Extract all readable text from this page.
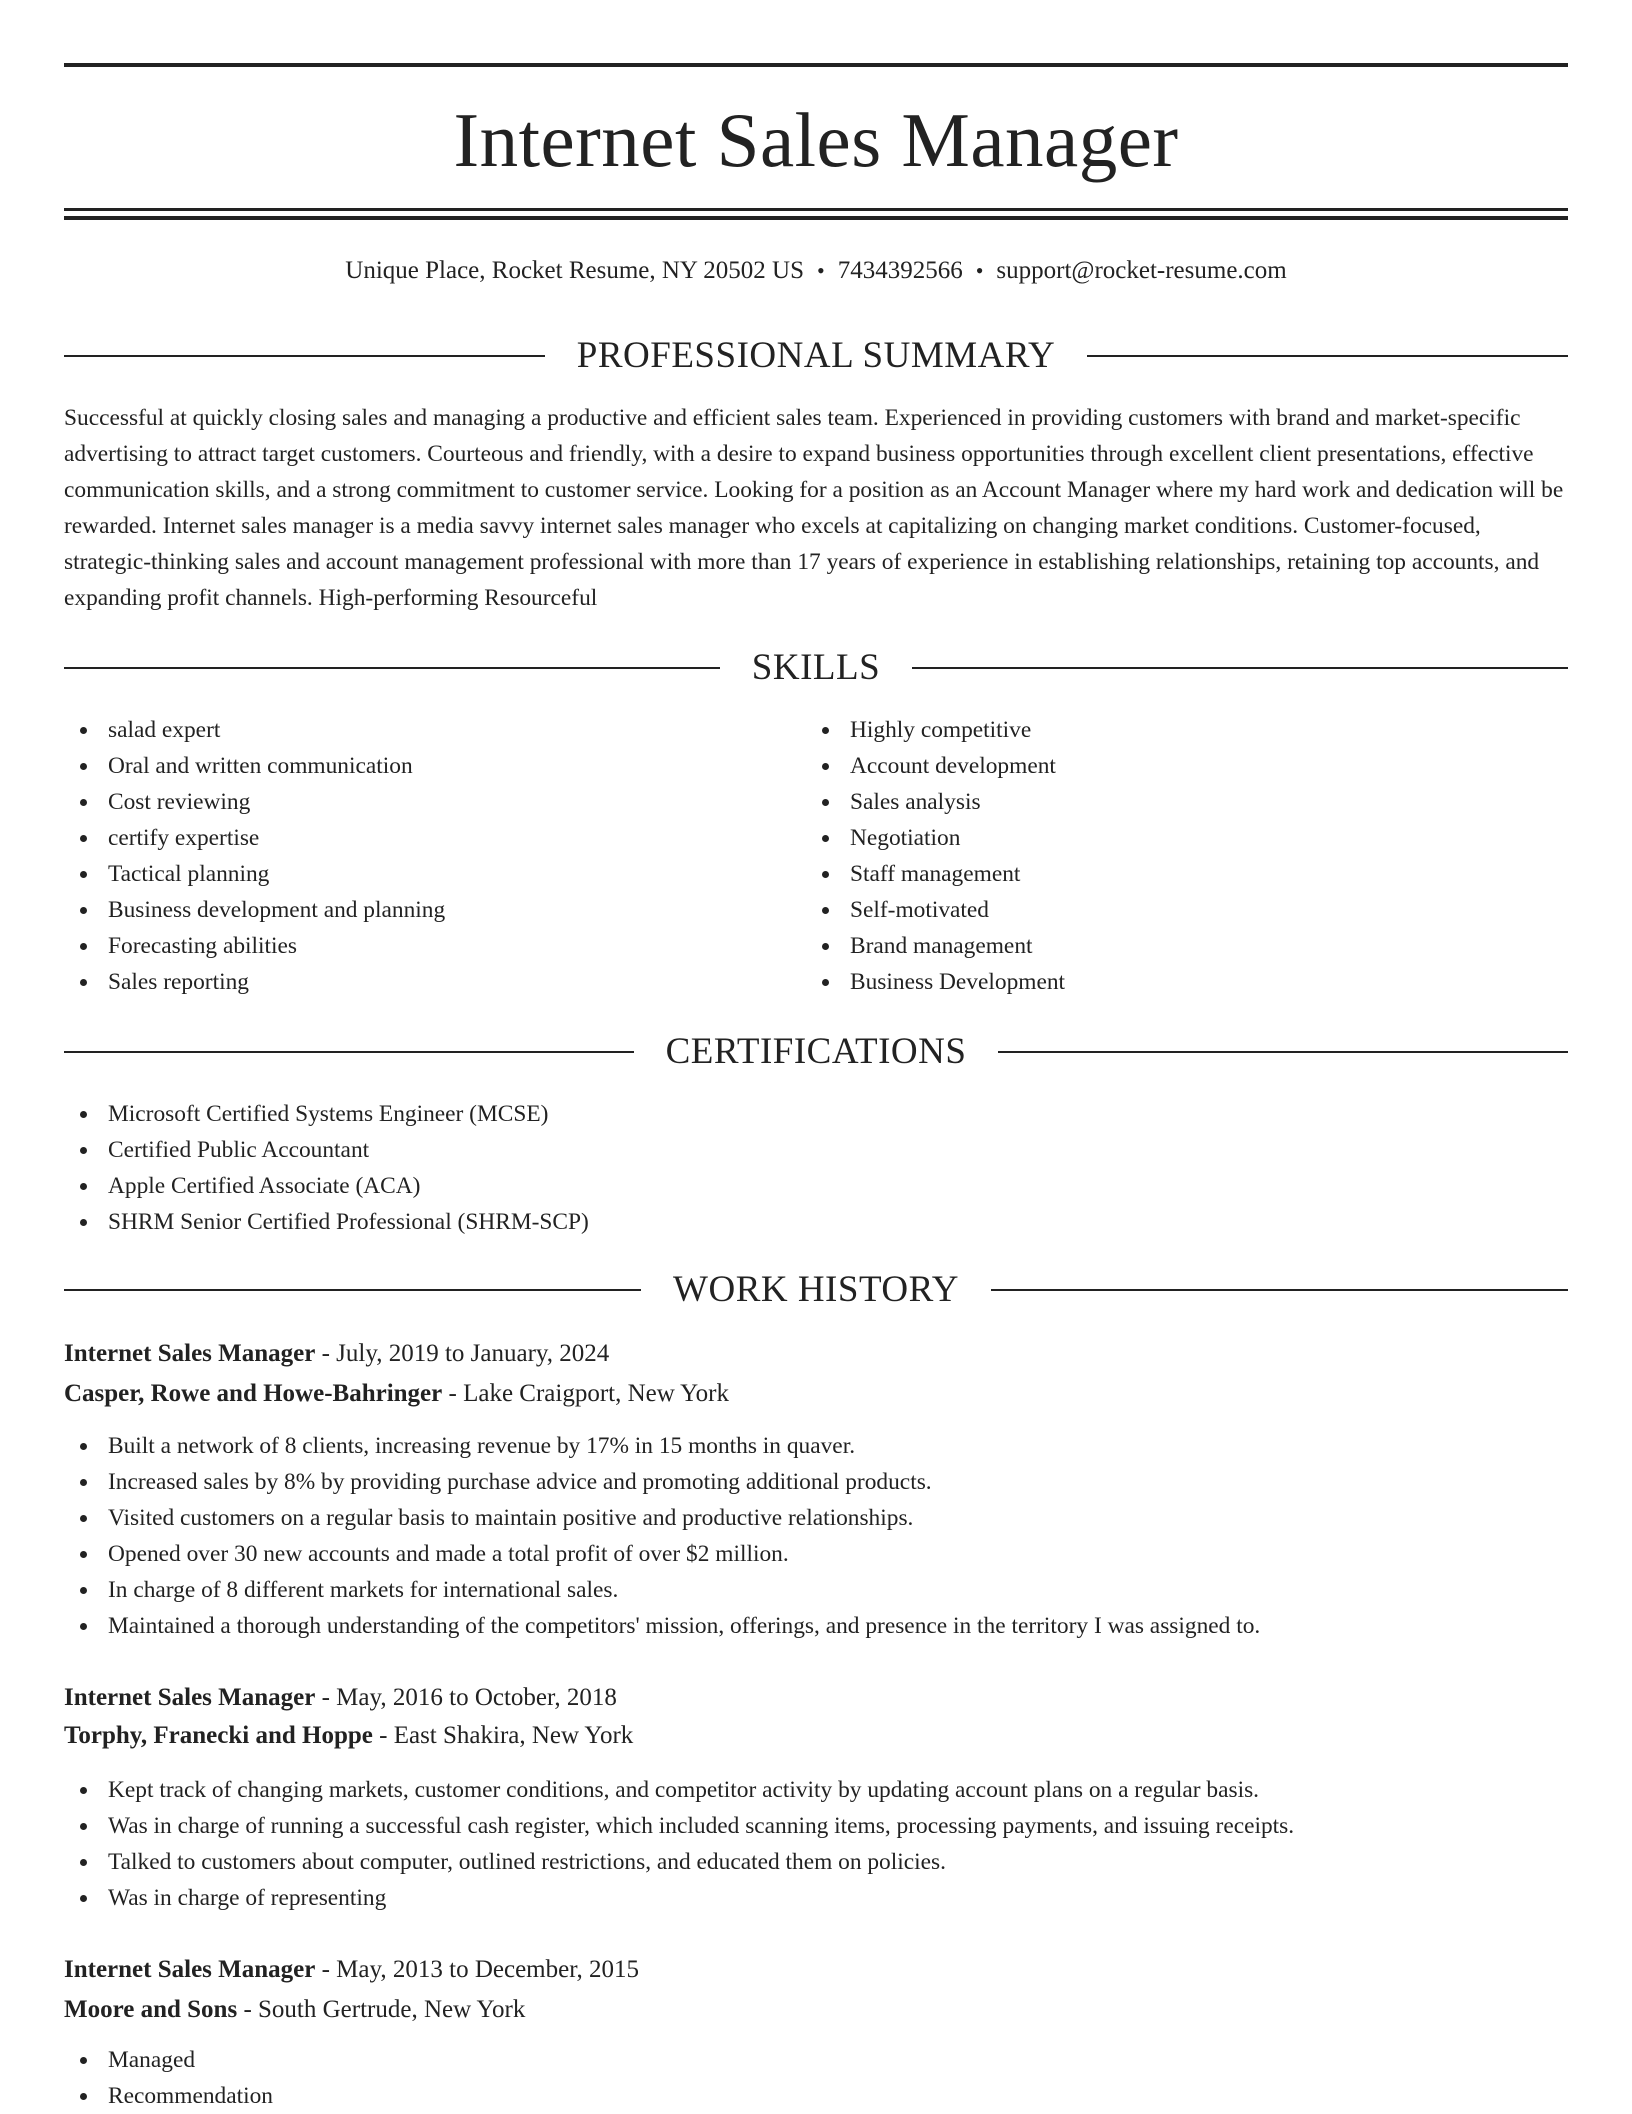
Internet Sales Manager
Unique Place, Rocket Resume, NY 20502 US • 7434392566 • support@rocket-resume.com
PROFESSIONAL SUMMARY

Successful at quickly closing sales and managing a productive and efficient sales team. Experienced in providing customers with brand and market-specific advertising to attract target customers. Courteous and friendly, with a desire to expand business opportunities through excellent client presentations, effective communication skills, and a strong commitment to customer service. Looking for a position as an Account Manager where my hard work and dedication will be rewarded. Internet sales manager is a media savvy internet sales manager who excels at capitalizing on changing market conditions. Customer-focused, strategic-thinking sales and account management professional with more than 17 years of experience in establishing relationships, retaining top accounts, and expanding profit channels. High-performing Resourceful

SKILLS
salad expert
Oral and written communication
Cost reviewing
certify expertise
Tactical planning
Business development and planning
Forecasting abilities
Sales reporting
Highly competitive
Account development
Sales analysis
Negotiation
Staff management
Self-motivated
Brand management
Business Development
CERTIFICATIONS
Microsoft Certified Systems Engineer (MCSE)
Certified Public Accountant
Apple Certified Associate (ACA)
SHRM Senior Certified Professional (SHRM-SCP)
WORK HISTORY
Internet Sales Manager - July, 2019 to January, 2024
Casper, Rowe and Howe-Bahringer - Lake Craigport, New York
Built a network of 8 clients, increasing revenue by 17% in 15 months in quaver.
Increased sales by 8% by providing purchase advice and promoting additional products.
Visited customers on a regular basis to maintain positive and productive relationships.
Opened over 30 new accounts and made a total profit of over $2 million.
In charge of 8 different markets for international sales.
Maintained a thorough understanding of the competitors' mission, offerings, and presence in the territory I was assigned to.
Internet Sales Manager - May, 2016 to October, 2018
Torphy, Franecki and Hoppe - East Shakira, New York
Kept track of changing markets, customer conditions, and competitor activity by updating account plans on a regular basis.
Was in charge of running a successful cash register, which included scanning items, processing payments, and issuing receipts.
Talked to customers about computer, outlined restrictions, and educated them on policies.
Was in charge of representing
Internet Sales Manager - May, 2013 to December, 2015
Moore and Sons - South Gertrude, New York
Managed
Recommendation
